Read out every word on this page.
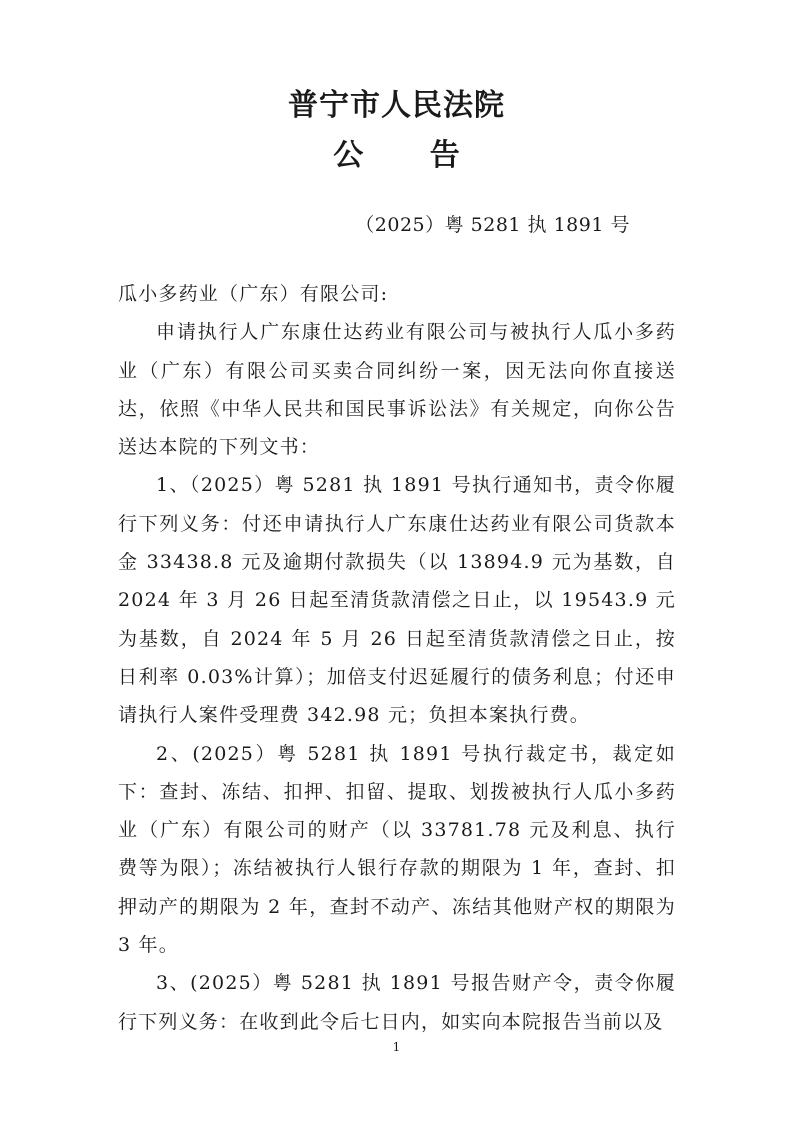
普宁市人民法院
公 告
（2025）粤 5281 执 1891 号

瓜小多药业（广东）有限公司:

申请执行人广东康仕达药业有限公司与被执行人瓜小多药业（广东）有限公司买卖合同纠纷一案，因无法向你直接送达，依照《中华人民共和国民事诉讼法》有关规定，向你公告送达本院的下列文书：

1、（2025）粤 5281 执 1891 号执行通知书，责令你履行下列义务：付还申请执行人广东康仕达药业有限公司货款本金 33438.8 元及逾期付款损失（以 13894.9 元为基数，自 2024 年 3 月 26 日起至清货款清偿之日止，以 19543.9 元为基数，自 2024 年 5 月 26 日起至清货款清偿之日止，按日利率 0.03%计算）；加倍支付迟延履行的债务利息；付还申请执行人案件受理费 342.98 元；负担本案执行费。

2、(2025）粤 5281 执 1891 号执行裁定书，裁定如下：查封、冻结、扣押、扣留、提取、划拨被执行人瓜小多药业（广东）有限公司的财产（以 33781.78 元及利息、执行费等为限）；冻结被执行人银行存款的期限为 1 年，查封、扣押动产的期限为 2 年，查封不动产、冻结其他财产权的期限为 3 年。

3、(2025）粤 5281 执 1891 号报告财产令，责令你履行下列义务：在收到此令后七日内，如实向本院报告当前以及

1
